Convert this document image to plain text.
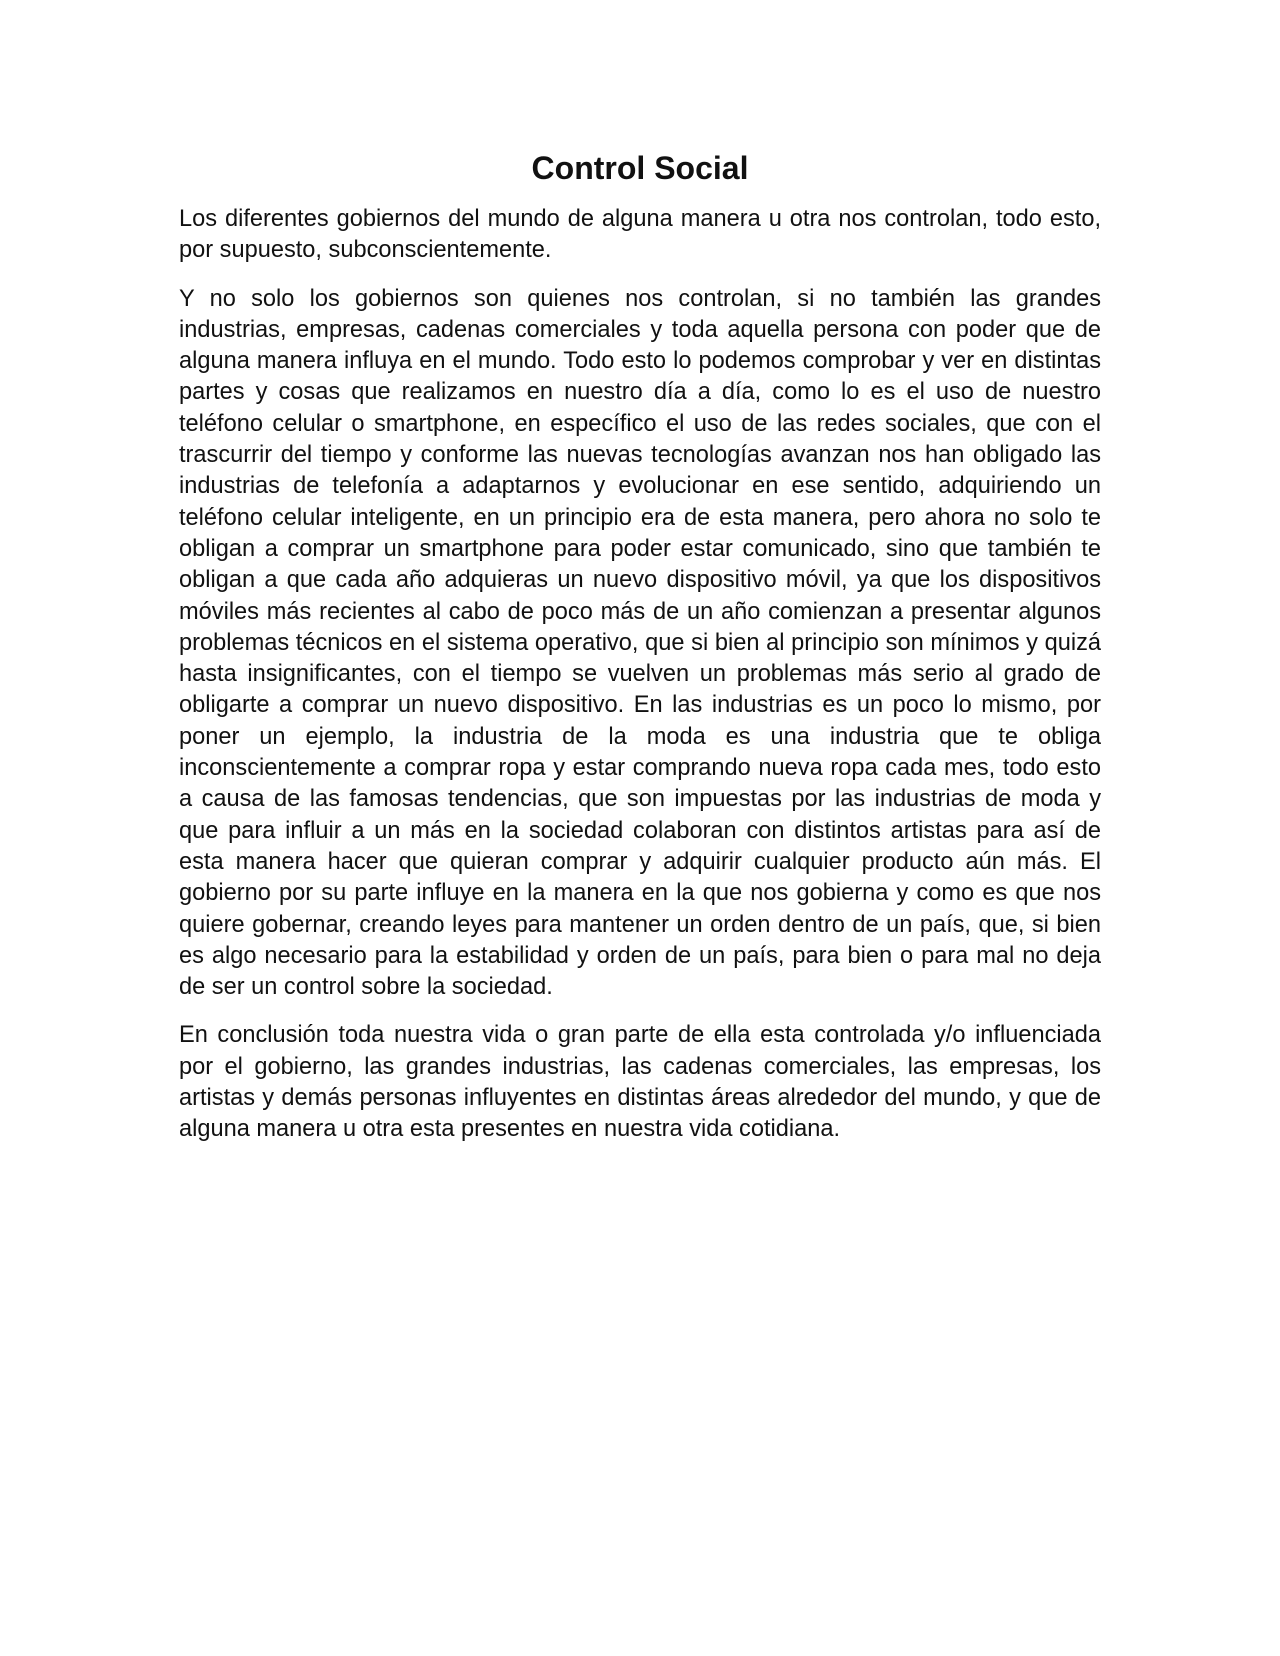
Control Social

Los diferentes gobiernos del mundo de alguna manera u otra nos controlan, todo esto, por supuesto, subconscientemente.

Y no solo los gobiernos son quienes nos controlan, si no también las grandes industrias, empresas, cadenas comerciales y toda aquella persona con poder que de alguna manera influya en el mundo. Todo esto lo podemos comprobar y ver en distintas partes y cosas que realizamos en nuestro día a día, como lo es el uso de nuestro teléfono celular o smartphone, en específico el uso de las redes sociales, que con el trascurrir del tiempo y conforme las nuevas tecnologías avanzan nos han obligado las industrias de telefonía a adaptarnos y evolucionar en ese sentido, adquiriendo un teléfono celular inteligente, en un principio era de esta manera, pero ahora no solo te obligan a comprar un smartphone para poder estar comunicado, sino que también te obligan a que cada año adquieras un nuevo dispositivo móvil, ya que los dispositivos móviles más recientes al cabo de poco más de un año comienzan a presentar algunos problemas técnicos en el sistema operativo, que si bien al principio son mínimos y quizá hasta insignificantes, con el tiempo se vuelven un problemas más serio al grado de obligarte a comprar un nuevo dispositivo. En las industrias es un poco lo mismo, por poner un ejemplo, la industria de la moda es una industria que te obliga inconscientemente a comprar ropa y estar comprando nueva ropa cada mes, todo esto a causa de las famosas tendencias, que son impuestas por las industrias de moda y que para influir a un más en la sociedad colaboran con distintos artistas para así de esta manera hacer que quieran comprar y adquirir cualquier producto aún más. El gobierno por su parte influye en la manera en la que nos gobierna y como es que nos quiere gobernar, creando leyes para mantener un orden dentro de un país, que, si bien es algo necesario para la estabilidad y orden de un país, para bien o para mal no deja de ser un control sobre la sociedad.

En conclusión toda nuestra vida o gran parte de ella esta controlada y/o influenciada por el gobierno, las grandes industrias, las cadenas comerciales, las empresas, los artistas y demás personas influyentes en distintas áreas alrededor del mundo, y que de alguna manera u otra esta presentes en nuestra vida cotidiana.
